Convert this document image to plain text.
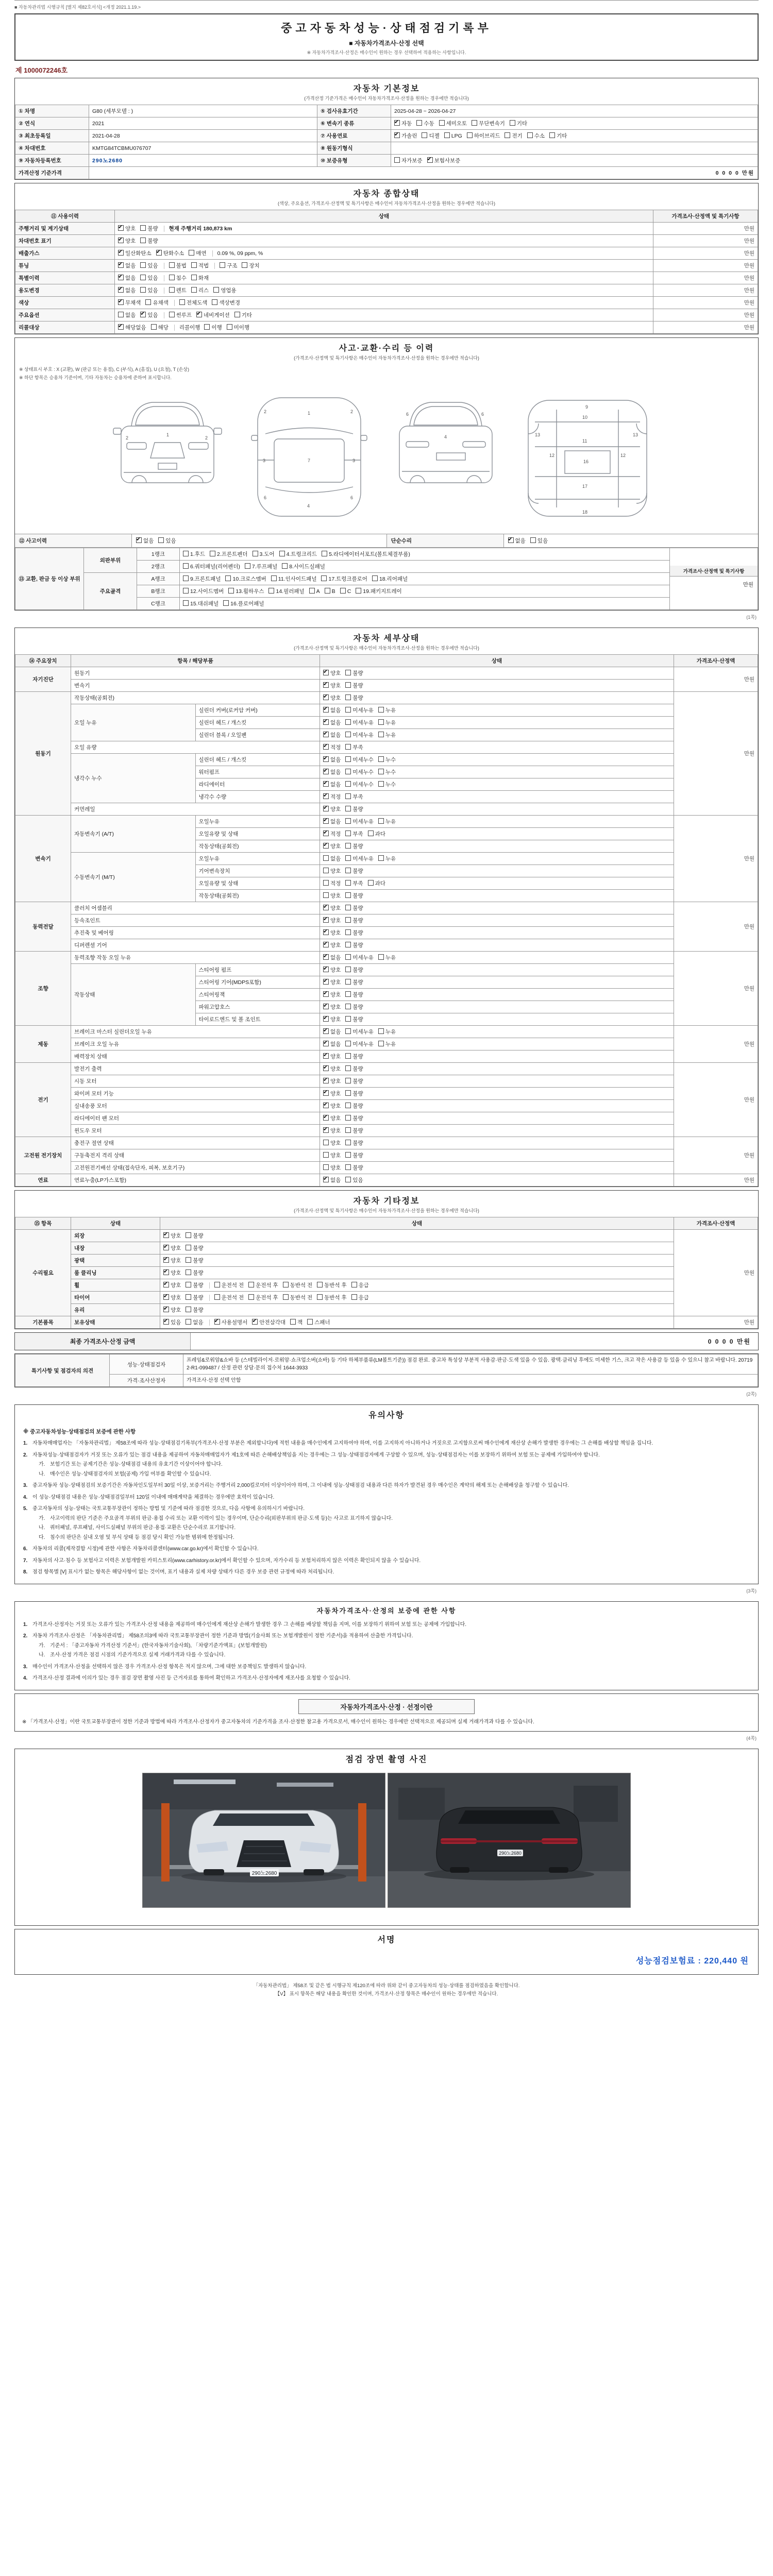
■ 자동차관리법 시행규칙 [별지 제82호서식] <개정 2021.1.19.>
중고자동차성능·상태점검기록부
■ 자동차가격조사·산정 선택
※ 자동차가격조사·산정은 매수인이 원하는 경우 선택하여 적용하는 사항입니다.
제 1000072246호
자동차 기본정보
(가격산정 기준가격은 매수인이 자동차가격조사·산정을 원하는 경우에만 적습니다)
① 차명	G80 (세부모델 : )	⑤ 검사유효기간	2025-04-28 ~ 2026-04-27
② 연식	2021	⑥ 변속기 종류	✔자동 수동 세미오토 무단변속기 기타
③ 최초등록일	2021-04-28	⑦ 사용연료	✔가솔린 디젤 LPG 하이브리드 전기 수소 기타
④ 차대번호	KMTG84TCBMU076707	⑧ 원동기형식	
⑨ 자동차등록번호	290노2680	⑩ 보증유형	자가보증 ✔ 보험사보증
가격산정 기준가격	0 0 0 0 만원		
자동차 종합상태
(색상, 주요옵션, 가격조사·산정액 및 특기사항은 매수인이 자동차가격조사·산정을 원하는 경우에만 적습니다)
⑪ 사용이력	상태	가격조사·산정액 및 특기사항
주행거리 및 계기상태	✔양호 불량 현재 주행거리 180,873 km	만원
차대번호 표기	✔양호 불량	만원
배출가스	✔일산화탄소 ✔ 탄화수소 매연 0.09 %, 09 ppm, %	만원
튜닝	✔없음 있음 불법 적법 구조 장치	만원
특별이력	✔없음 있음 침수 화재	만원
용도변경	✔없음 있음 렌트 리스 영업용	만원
색상	✔무채색 유채색 전체도색 색상변경	만원
주요옵션	없음 ✔ 있음 썬루프 ✔ 네비게이션 기타	만원
리콜대상	✔해당없음 해당 리콜이행 이행 미이행	만원
사고·교환·수리 등 이력
(가격조사·산정액 및 특기사항은 매수인이 자동차가격조사·산정을 원하는 경우에만 적습니다)
※ 상태표시 부호 : X (교환), W (판금 또는 용접), C (부식), A (흠집), U (요철), T (손상)
※ 하단 항목은 승용차 기준이며, 기타 자동차는 승용차에 준하여 표시합니다.
1
2	2
1
7
4
2	2
3	3
6	6
4
6	6
9
10
12	12
13	13
16
17
18
11
⑫ 사고이력 ✔	없음 있음	단순수리 ✔	없음 있음
⑬ 교환, 판금 등 이상 부위	외판부위	1랭크	1.후드 2.프론트펜더 3.도어 4.트렁크리드 5.라디에이터서포트(볼트체결부품)	가격조사·산정액 및 특기사항
만원

		2랭크	6.쿼터패널(리어펜더) 7.루프패널 8.사이드실패널	
	주요골격	A랭크	9.프론트패널 10.크로스멤버 11.인사이드패널 17.트렁크플로어 18.리어패널	
		B랭크	12.사이드멤버 13.휠하우스 14.필러패널 A B C 19.패키지트레이	
		C랭크	15.대쉬패널 16.플로어패널	
(1쪽)
자동차 세부상태
(가격조사·산정액 및 특기사항은 매수인이 자동차가격조사·산정을 원하는 경우에만 적습니다)
⑭ 주요장치	항목 / 해당부품		상태	가격조사·산정액
자기진단	원동기	✔양호 불량	만원
	변속기	✔양호 불량
원동기	작동상태(공회전)	✔양호 불량	만원
	오일 누유	실린더 커버(로커암 커버)	✔없음 미세누유 누유
		실린더 헤드 / 개스킷	✔없음 미세누유 누유
		실린더 블록 / 오일팬	✔없음 미세누유 누유
	오일 유량	✔적정 부족
	냉각수 누수	실린더 헤드 / 개스킷	✔없음 미세누수 누수
		워터펌프	✔없음 미세누수 누수
		라디에이터	✔없음 미세누수 누수
		냉각수 수량	✔적정 부족
	커먼레일	✔양호 불량
변속기	자동변속기 (A/T)	오일누유	✔없음 미세누유 누유	만원
		오일유량 및 상태	✔적정 부족 과다
		작동상태(공회전)	✔양호 불량
	수동변속기 (M/T)	오일누유	없음 미세누유 누유	
		기어변속장치	양호 불량	
		오일유량 및 상태	적정 부족 과다	
		작동상태(공회전)	양호 불량	
동력전달	클러치 어셈블리	✔양호 불량	만원
	등속조인트	✔양호 불량
	추진축 및 베어링	✔양호 불량
	디퍼렌셜 기어	✔양호 불량
조향	동력조향 작동 오일 누유	✔없음 미세누유 누유	만원
	작동상태	스티어링 펌프	✔양호 불량
		스티어링 기어(MDPS포함)	✔양호 불량
		스티어링잭	✔양호 불량
		파워고압호스	✔양호 불량
		타이로드엔드 및 볼 조인트	✔양호 불량
제동	브레이크 마스터 실린더오일 누유	✔없음 미세누유 누유	만원
	브레이크 오일 누유	✔없음 미세누유 누유
	배력장치 상태	✔양호 불량
전기	발전기 출력	✔양호 불량	만원
	시동 모터	✔양호 불량
	와이퍼 모터 기능	✔양호 불량
	실내송풍 모터	✔양호 불량
	라디에이터 팬 모터	✔양호 불량
	윈도우 모터	✔양호 불량
고전원 전기장치	충전구 절연 상태		양호 불량	만원
	구동축전지 격리 상태		양호 불량	
	고전원전기배선 상태(접속단자, 피복, 보호기구)		양호 불량	
연료	연료누출(LP가스포함)	✔없음 있음	만원
자동차 기타정보
(가격조사·산정액 및 특기사항은 매수인이 자동차가격조사·산정을 원하는 경우에만 적습니다)
⑮ 항목	상태	상태	가격조사·산정액
수리필요	외장	✔양호 불량	만원
	내장	✔양호 불량
	광택	✔양호 불량
	룸 클리닝	✔양호 불량
	휠	✔양호 불량 운전석 전 운전석 후 동반석 전 동반석 후 응급
	타이어	✔양호 불량 운전석 전 운전석 후 동반석 전 동반석 후 응급
	유리	✔양호 불량
기본품목	보유상태	✔있음 없음 ✔ 사용설명서 ✔ 안전삼각대 잭 스패너	만원
최종 가격조사·산정 금액	0 0 0 0 만원
특기사항 및 점검자의 의견	성능·상태점검자	프레임&로워암&쇼바 등 (스테빌라이저·로워암·쇼크업소버(쇼바) 등 기타 하체부품류(LM볼트기준)) 점검 완료. 중고차 특성상 부분적 사용감·판금·도색 있을 수 있음. 광택·클리닝 후에도 미세한 기스, 크고 작은 사용감 등 있을 수 있으니 참고 바랍니다. 207192-R1-099487 / 산정 관련 상담·문의 접수처 1644-3933
	가격·조사산정자	가격조사·산정 선택 안함
(2쪽)
유의사항
※ 중고자동차성능·상태점검의 보증에 관한 사항
1. 자동차매매업자는 「자동차관리법」 제58조에 따라 성능·상태점검기록부(가격조사·산정 부분은 제외합니다)에 적힌 내용을 매수인에게 고지하여야 하며, 이를 고지하지 아니하거나 거짓으로 고지함으로써 매수인에게 재산상 손해가 발생한 경우에는 그 손해를 배상할 책임을 집니다.
2. 자동차성능·상태점검자가 거짓 또는 오류가 있는 점검 내용을 제공하여 자동차매매업자가 제1호에 따른 손해배상책임을 지는 경우에는 그 성능·상태점검자에게 구상할 수 있으며, 성능·상태점검자는 이를 보장하기 위하여 보험 또는 공제에 가입하여야 합니다.
가. 보험기간 또는 공제기간은 성능·상태점검 내용의 유효기간 이상이어야 합니다.
나. 매수인은 성능·상태점검자의 보험(공제) 가입 여부를 확인할 수 있습니다.
3. 중고자동차 성능·상태점검의 보증기간은 자동차인도일부터 30일 이상, 보증거리는 주행거리 2,000킬로미터 이상이어야 하며, 그 이내에 성능·상태점검 내용과 다른 하자가 발견된 경우 매수인은 계약의 해제 또는 손해배상을 청구할 수 있습니다.
4. 이 성능·상태점검 내용은 성능·상태점검일부터 120일 이내에 매매계약을 체결하는 경우에만 효력이 있습니다.
5. 중고자동차의 성능·상태는 국토교통부장관이 정하는 방법 및 기준에 따라 점검한 것으로, 다음 사항에 유의하시기 바랍니다.
가. 사고이력의 판단 기준은 주요골격 부위의 판금·용접 수리 또는 교환 이력이 있는 경우이며, 단순수리(외판부위의 판금·도색 등)는 사고로 표기하지 않습니다.
나. 쿼터패널, 루프패널, 사이드실패널 부위의 판금·용접·교환은 단순수리로 표기합니다.
다. 침수의 판단은 실내 오염 및 부식 상태 등 점검 당시 확인 가능한 범위에 한정됩니다.
6. 자동차의 리콜(제작결함 시정)에 관한 사항은 자동차리콜센터(www.car.go.kr)에서 확인할 수 있습니다.
7. 자동차의 사고·침수 등 보험사고 이력은 보험개발원 카히스토리(www.carhistory.or.kr)에서 확인할 수 있으며, 자가수리 등 보험처리하지 않은 이력은 확인되지 않을 수 있습니다.
8. 점검 항목별 [V] 표시가 없는 항목은 해당사항이 없는 것이며, 표기 내용과 실제 차량 상태가 다른 경우 보증 관련 규정에 따라 처리됩니다.
(3쪽)
자동차가격조사·산정의 보증에 관한 사항
1. 가격조사·산정자는 거짓 또는 오류가 있는 가격조사·산정 내용을 제공하여 매수인에게 재산상 손해가 발생한 경우 그 손해를 배상할 책임을 지며, 이를 보장하기 위하여 보험 또는 공제에 가입합니다.
2. 자동차 가격조사·산정은 「자동차관리법」 제58조의3에 따라 국토교통부장관이 정한 기준과 방법(기술사회 또는 보험개발원이 정한 기준서)을 적용하여 산출한 가격입니다.
가. 기준서 : 「중고자동차 가격산정 기준서」(한국자동차기술사회), 「차량기준가액표」(보험개발원)
나. 조사·산정 가격은 점검 시점의 기준가격으로 실제 거래가격과 다를 수 있습니다.
3. 매수인이 가격조사·산정을 선택하지 않은 경우 가격조사·산정 항목은 적지 않으며, 그에 대한 보증책임도 발생하지 않습니다.
4. 가격조사·산정 결과에 이의가 있는 경우 점검 장면 촬영 사진 등 근거자료를 통하여 확인하고 가격조사·산정자에게 재조사를 요청할 수 있습니다.
자동차가격조사·산정 · 선정이란
※ 「가격조사·산정」이란 국토교통부장관이 정한 기준과 방법에 따라 가격조사·산정자가 중고자동차의 기준가격을 조사·산정한 참고용 가격으로서, 매수인이 원하는 경우에만 선택적으로 제공되며 실제 거래가격과 다를 수 있습니다.
(4쪽)
점검 장면 촬영 사진
290노2680

290노2680
서명
성능점검보험료 : 220,440 원
「자동차관리법」 제58조 및 같은 법 시행규칙 제120조에 따라 위와 같이 중고자동차의 성능·상태를 점검하였음을 확인합니다.
【V】 표시 항목은 해당 내용을 확인한 것이며, 가격조사·산정 항목은 매수인이 원하는 경우에만 적습니다.
